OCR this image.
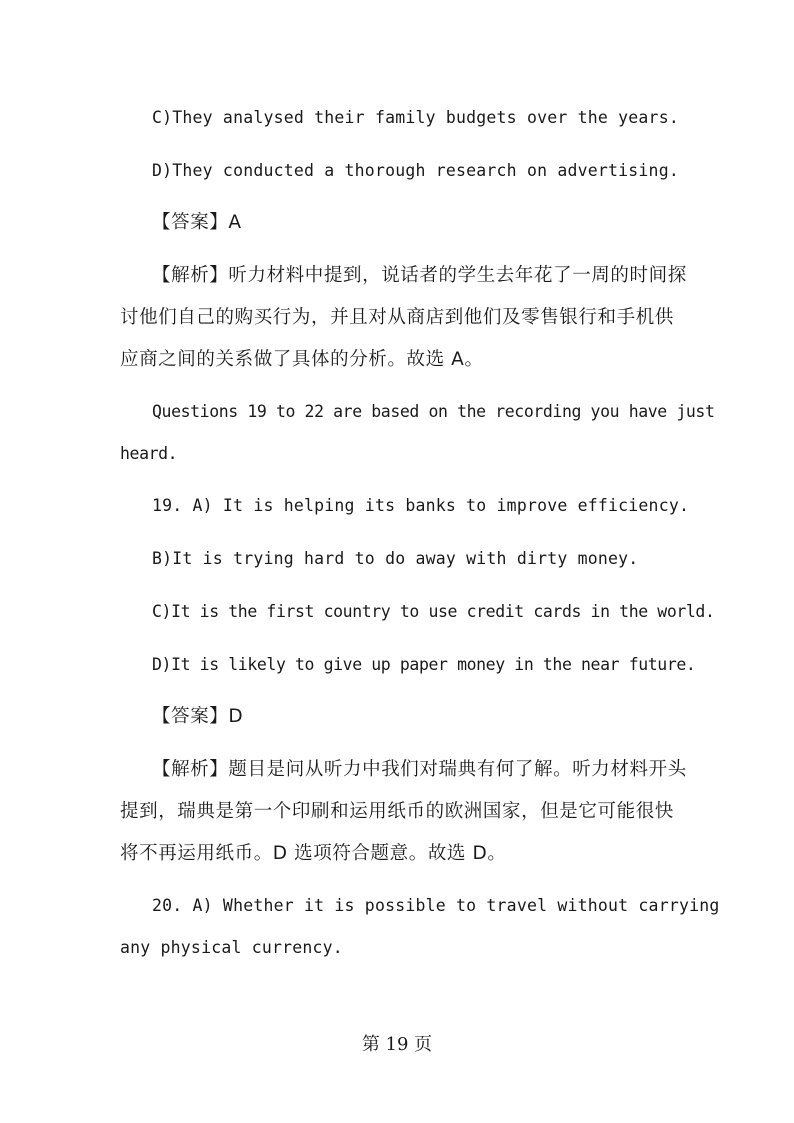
C)They analysed their family budgets over the years.
D)They conducted a thorough research on advertising.
【答案】A
【解析】听力材料中提到，说话者的学生去年花了一周的时间探
讨他们自己的购买行为，并且对从商店到他们及零售银行和手机供
应商之间的关系做了具体的分析。故选 A。
Questions 19 to 22 are based on the recording you have just
heard.
19. A) It is helping its banks to improve efficiency.
B)It is trying hard to do away with dirty money.
C)It is the first country to use credit cards in the world.
D)It is likely to give up paper money in the near future.
【答案】D
【解析】题目是问从听力中我们对瑞典有何了解。听力材料开头
提到，瑞典是第一个印刷和运用纸币的欧洲国家，但是它可能很快
将不再运用纸币。D 选项符合题意。故选 D。
20. A) Whether it is possible to travel without carrying
any physical currency.
第 19 页
